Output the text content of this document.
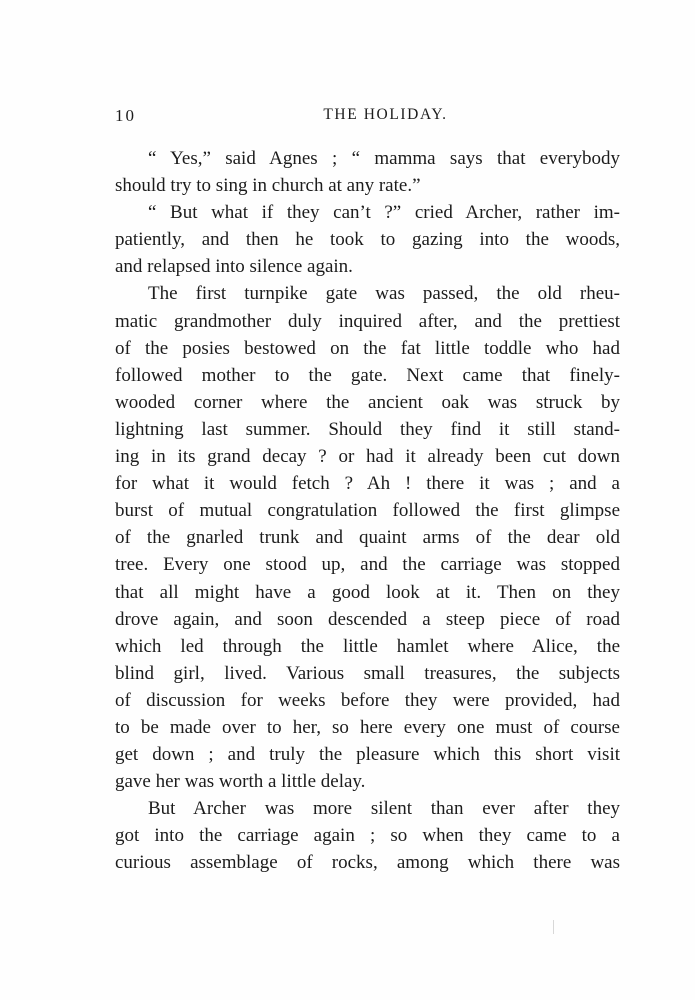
10	THE HOLIDAY.
“ Yes,” said Agnes ; “ mamma says that everybody
should try to sing in church at any rate.”
“ But what if they can’t ?” cried Archer, rather im-
patiently, and then he took to gazing into the woods,
and relapsed into silence again.
The first turnpike gate was passed, the old rheu-
matic grandmother duly inquired after, and the prettiest
of the posies bestowed on the fat little toddle who had
followed mother to the gate. Next came that finely-
wooded corner where the ancient oak was struck by
lightning last summer. Should they find it still stand-
ing in its grand decay ? or had it already been cut down
for what it would fetch ? Ah ! there it was ; and a
burst of mutual congratulation followed the first glimpse
of the gnarled trunk and quaint arms of the dear old
tree. Every one stood up, and the carriage was stopped
that all might have a good look at it. Then on they
drove again, and soon descended a steep piece of road
which led through the little hamlet where Alice, the
blind girl, lived. Various small treasures, the subjects
of discussion for weeks before they were provided, had
to be made over to her, so here every one must of course
get down ; and truly the pleasure which this short visit
gave her was worth a little delay.
But Archer was more silent than ever after they
got into the carriage again ; so when they came to a
curious assemblage of rocks, among which there was
